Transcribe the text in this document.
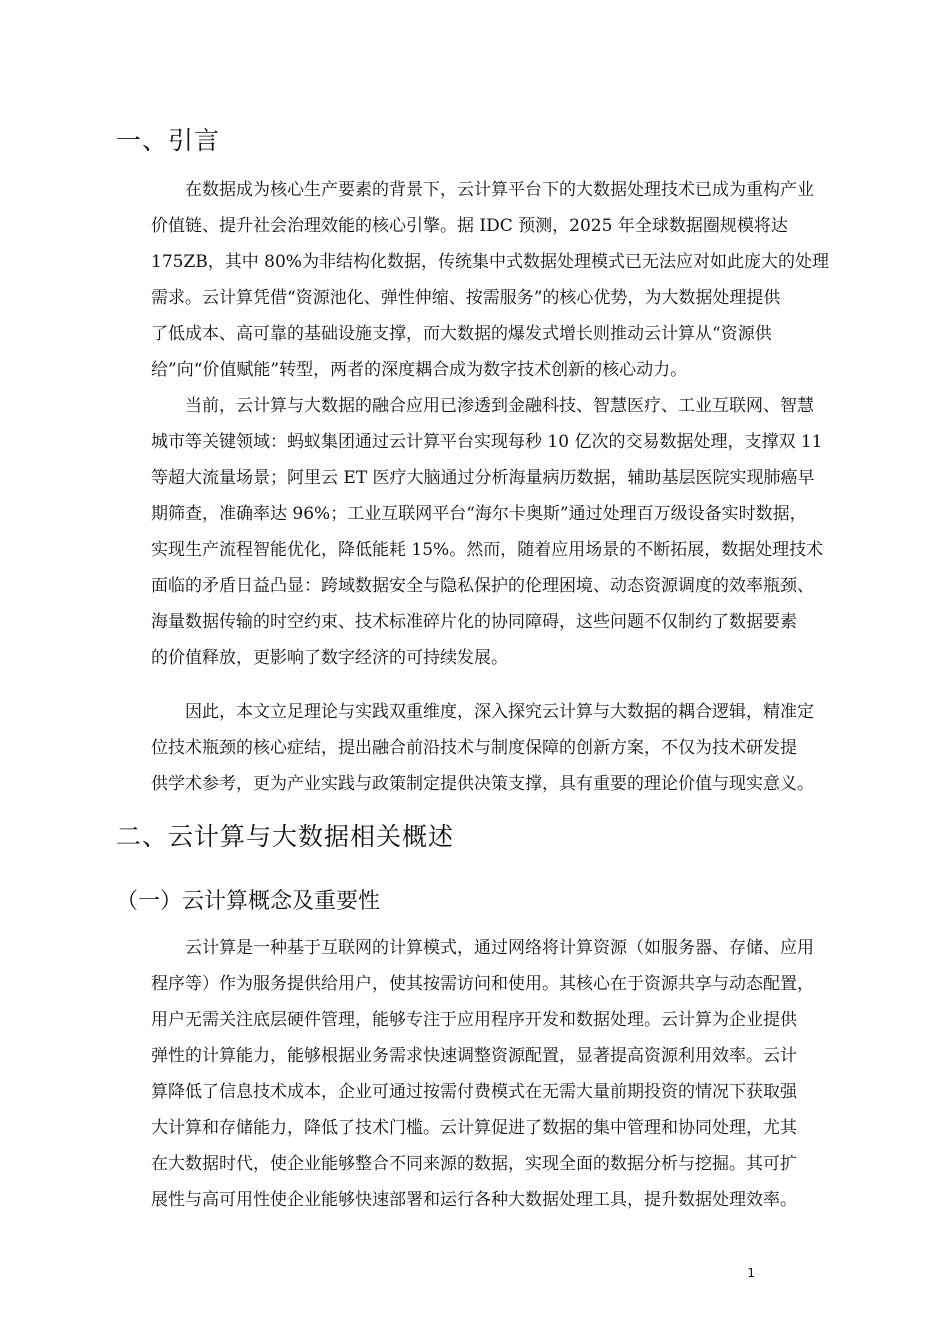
一、引言
在数据成为核心生产要素的背景下，云计算平台下的大数据处理技术已成为重构产业
价值链、提升社会治理效能的核心引擎。据 IDC 预测，2025 年全球数据圈规模将达
175ZB，其中 80%为非结构化数据，传统集中式数据处理模式已无法应对如此庞大的处理
需求。云计算凭借“资源池化、弹性伸缩、按需服务”的核心优势，为大数据处理提供
了低成本、高可靠的基础设施支撑，而大数据的爆发式增长则推动云计算从“资源供
给”向“价值赋能”转型，两者的深度耦合成为数字技术创新的核心动力。
当前，云计算与大数据的融合应用已渗透到金融科技、智慧医疗、工业互联网、智慧
城市等关键领域：蚂蚁集团通过云计算平台实现每秒 10 亿次的交易数据处理，支撑双 11
等超大流量场景；阿里云 ET 医疗大脑通过分析海量病历数据，辅助基层医院实现肺癌早
期筛查，准确率达 96%；工业互联网平台“海尔卡奥斯”通过处理百万级设备实时数据，
实现生产流程智能优化，降低能耗 15%。然而，随着应用场景的不断拓展，数据处理技术
面临的矛盾日益凸显：跨域数据安全与隐私保护的伦理困境、动态资源调度的效率瓶颈、
海量数据传输的时空约束、技术标准碎片化的协同障碍，这些问题不仅制约了数据要素
的价值释放，更影响了数字经济的可持续发展。
因此，本文立足理论与实践双重维度，深入探究云计算与大数据的耦合逻辑，精准定
位技术瓶颈的核心症结，提出融合前沿技术与制度保障的创新方案，不仅为技术研发提
供学术参考，更为产业实践与政策制定提供决策支撑，具有重要的理论价值与现实意义。
二、云计算与大数据相关概述
（一）云计算概念及重要性
云计算是一种基于互联网的计算模式，通过网络将计算资源（如服务器、存储、应用
程序等）作为服务提供给用户，使其按需访问和使用。其核心在于资源共享与动态配置，
用户无需关注底层硬件管理，能够专注于应用程序开发和数据处理。云计算为企业提供
弹性的计算能力，能够根据业务需求快速调整资源配置，显著提高资源利用效率。云计
算降低了信息技术成本，企业可通过按需付费模式在无需大量前期投资的情况下获取强
大计算和存储能力，降低了技术门槛。云计算促进了数据的集中管理和协同处理，尤其
在大数据时代，使企业能够整合不同来源的数据，实现全面的数据分析与挖掘。其可扩
展性与高可用性使企业能够快速部署和运行各种大数据处理工具，提升数据处理效率。
1
